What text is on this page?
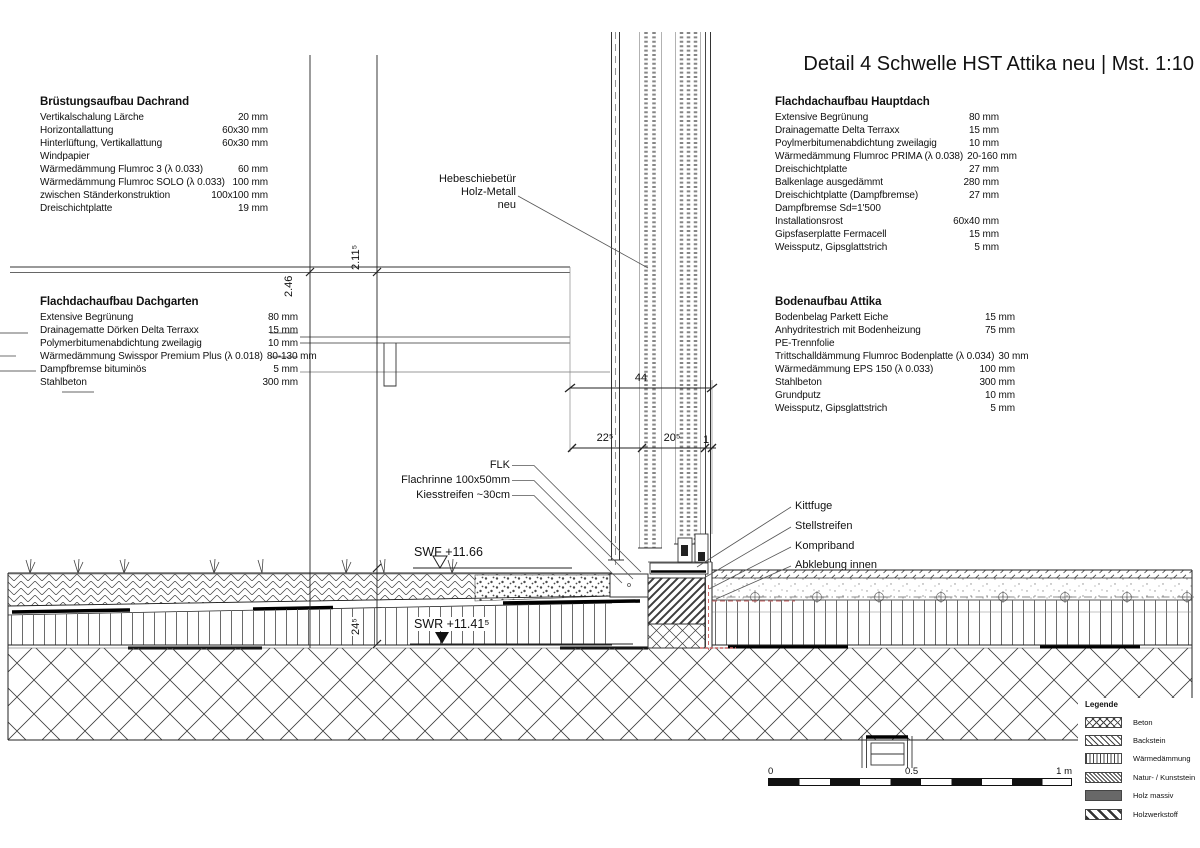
Detail 4 Schwelle HST Attika neu | Mst. 1:10
Brüstungsaufbau Dachrand
Vertikalschalung Lärche	20 mm
Horizontallattung	60x30 mm
Hinterlüftung, Vertikallattung	60x30 mm
Windpapier
Wärmedämmung Flumroc 3 (λ 0.033)	60 mm
Wärmedämmung Flumroc SOLO (λ 0.033) 100 mm
zwischen Ständerkonstruktion	100x100 mm
Dreischichtplatte	19 mm
Flachdachaufbau Dachgarten
Extensive Begrünung	80 mm
Drainagematte Dörken Delta Terraxx	15 mm
Polymerbitumenabdichtung zweilagig	10 mm
Wärmedämmung Swisspor Premium Plus (λ 0.018) 80-130 mm
Dampfbremse bituminös	5 mm
Stahlbeton	300 mm
Flachdachaufbau Hauptdach
Extensive Begrünung	80 mm
Drainagematte Delta Terraxx	15 mm
Poylmerbitumenabdichtung zweilagig	10 mm
Wärmedämmung Flumroc PRIMA (λ 0.038) 20-160 mm
Dreischichtplatte	27 mm
Balkenlage ausgedämmt	280 mm
Dreischichtplatte (Dampfbremse)	27 mm
Dampfbremse Sd=1'500
Installationsrost	60x40 mm
Gipsfaserplatte Fermacell	15 mm
Weissputz, Gipsglattstrich	5 mm
Bodenaufbau Attika
Bodenbelag Parkett Eiche	15 mm
Anhydritestrich mit Bodenheizung	75 mm
PE-Trennfolie
Trittschalldämmung Flumroc Bodenplatte (λ 0.034) 30 mm
Wärmedämmung EPS 150 (λ 0.033)	100 mm
Stahlbeton	300 mm
Grundputz	10 mm
Weissputz, Gipsglattstrich	5 mm
Hebeschiebetür
Holz-Metall
neu
FLK
Flachrinne 100x50mm
Kiesstreifen ~30cm
Kittfuge
Stellstreifen
Kompriband
Abklebung innen
SWF +11.66
SWR +11.41⁵
44
22⁵	20⁵	1
2.46
2.11⁵
24⁵
Legende
Beton
Backstein
Wärmedämmung
Natur- / Kunststein
Holz massiv
Holzwerkstoff
0	0.5	1 m
